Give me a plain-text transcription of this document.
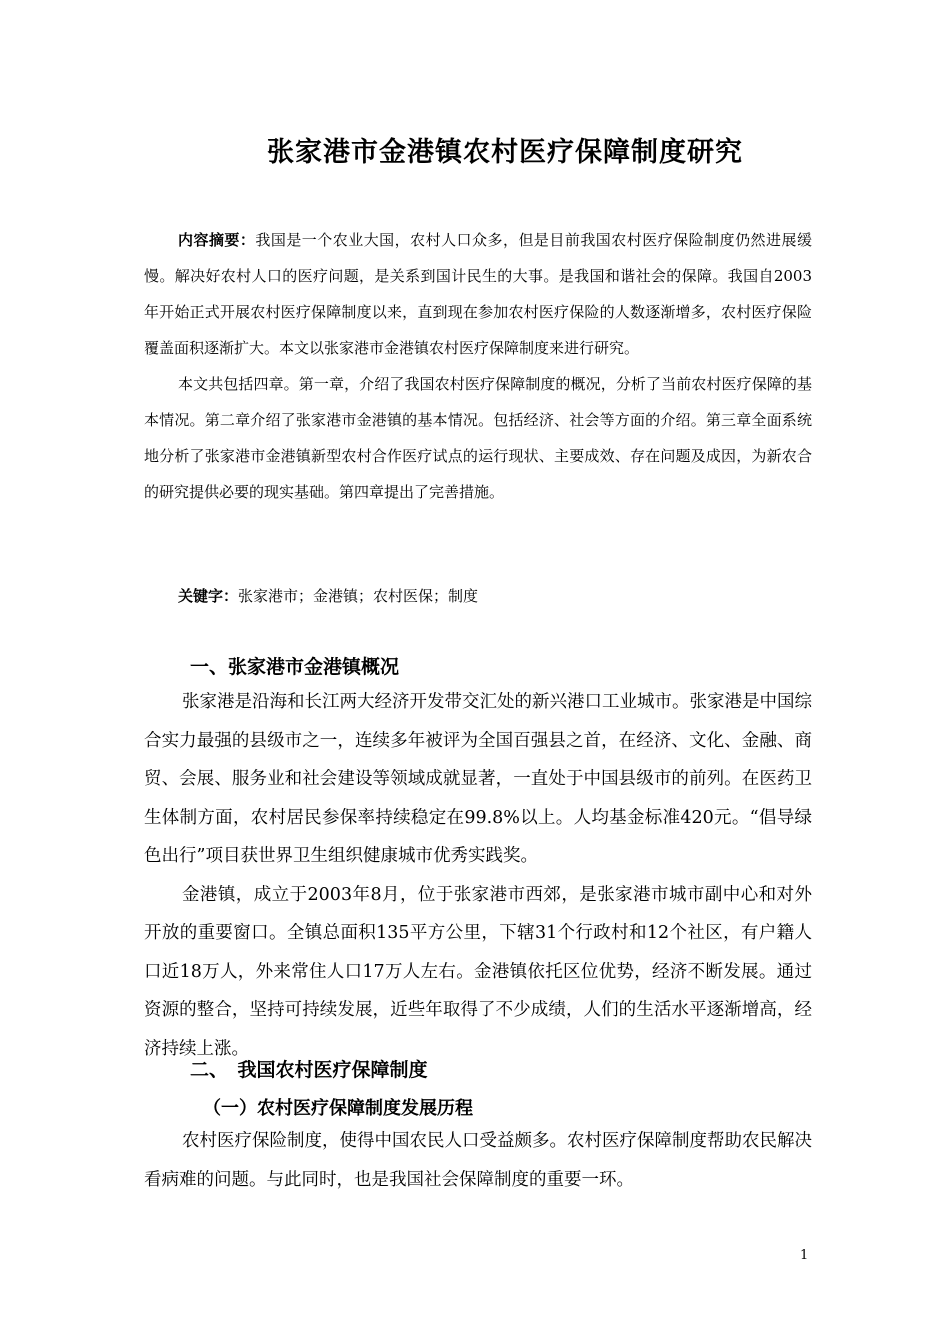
张家港市金港镇农村医疗保障制度研究

内容摘要：我国是一个农业大国，农村人口众多，但是目前我国农村医疗保险制度仍然进展缓慢。解决好农村人口的医疗问题，是关系到国计民生的大事。是我国和谐社会的保障。我国自2003年开始正式开展农村医疗保障制度以来，直到现在参加农村医疗保险的人数逐渐增多，农村医疗保险覆盖面积逐渐扩大。本文以张家港市金港镇农村医疗保障制度来进行研究。

本文共包括四章。第一章，介绍了我国农村医疗保障制度的概况，分析了当前农村医疗保障的基本情况。第二章介绍了张家港市金港镇的基本情况。包括经济、社会等方面的介绍。第三章全面系统地分析了张家港市金港镇新型农村合作医疗试点的运行现状、主要成效、存在问题及成因，为新农合的研究提供必要的现实基础。第四章提出了完善措施。

关键字：张家港市；金港镇；农村医保；制度
一、张家港市金港镇概况

张家港是沿海和长江两大经济开发带交汇处的新兴港口工业城市。张家港是中国综合实力最强的县级市之一，连续多年被评为全国百强县之首，在经济、文化、金融、商贸、会展、服务业和社会建设等领域成就显著，一直处于中国县级市的前列。在医药卫生体制方面，农村居民参保率持续稳定在99.8%以上。人均基金标准420元。“倡导绿色出行”项目获世界卫生组织健康城市优秀实践奖。

金港镇，成立于2003年8月，位于张家港市西郊，是张家港市城市副中心和对外开放的重要窗口。全镇总面积135平方公里，下辖31个行政村和12个社区，有户籍人口近18万人，外来常住人口17万人左右。金港镇依托区位优势，经济不断发展。通过资源的整合，坚持可持续发展，近些年取得了不少成绩，人们的生活水平逐渐增高，经济持续上涨。

二、　我国农村医疗保障制度
（一）农村医疗保障制度发展历程

农村医疗保险制度，使得中国农民人口受益颇多。农村医疗保障制度帮助农民解决看病难的问题。与此同时，也是我国社会保障制度的重要一环。

1
